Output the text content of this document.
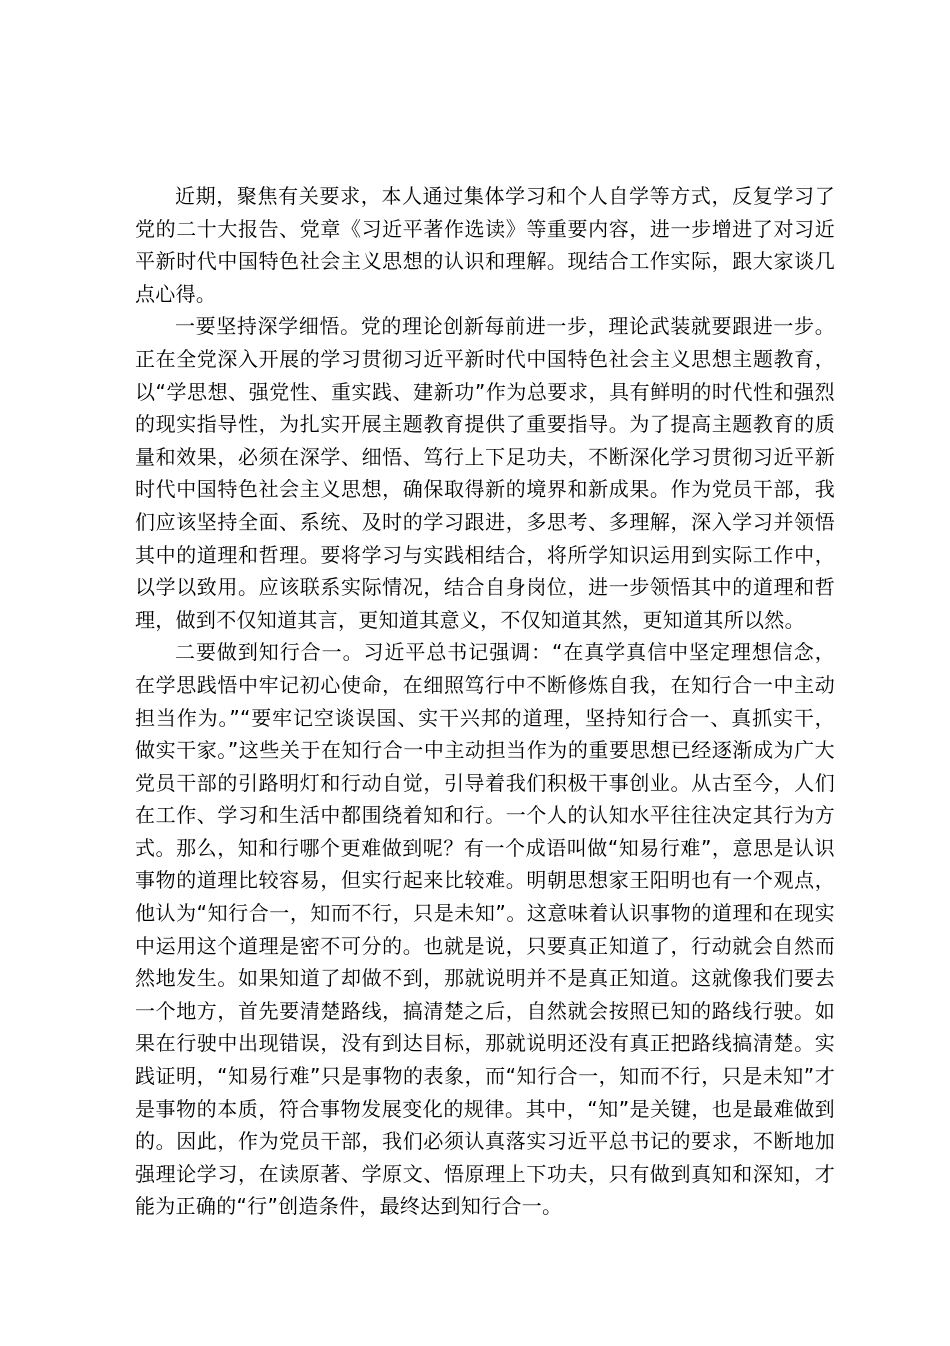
近期，聚焦有关要求，本人通过集体学习和个人自学等方式，反复学习了党的二十大报告、党章《习近平著作选读》等重要内容，进一步增进了对习近平新时代中国特色社会主义思想的认识和理解。现结合工作实际，跟大家谈几点心得。

一要坚持深学细悟。党的理论创新每前进一步，理论武装就要跟进一步。正在全党深入开展的学习贯彻习近平新时代中国特色社会主义思想主题教育，以“学思想、强党性、重实践、建新功”作为总要求，具有鲜明的时代性和强烈的现实指导性，为扎实开展主题教育提供了重要指导。为了提高主题教育的质量和效果，必须在深学、细悟、笃行上下足功夫，不断深化学习贯彻习近平新时代中国特色社会主义思想，确保取得新的境界和新成果。作为党员干部，我们应该坚持全面、系统、及时的学习跟进，多思考、多理解，深入学习并领悟其中的道理和哲理。要将学习与实践相结合，将所学知识运用到实际工作中，以学以致用。应该联系实际情况，结合自身岗位，进一步领悟其中的道理和哲理，做到不仅知道其言，更知道其意义，不仅知道其然，更知道其所以然。

二要做到知行合一。习近平总书记强调：“在真学真信中坚定理想信念，在学思践悟中牢记初心使命，在细照笃行中不断修炼自我，在知行合一中主动担当作为。”“要牢记空谈误国、实干兴邦的道理，坚持知行合一、真抓实干，做实干家。”这些关于在知行合一中主动担当作为的重要思想已经逐渐成为广大党员干部的引路明灯和行动自觉，引导着我们积极干事创业。从古至今，人们在工作、学习和生活中都围绕着知和行。一个人的认知水平往往决定其行为方式。那么，知和行哪个更难做到呢？有一个成语叫做“知易行难”，意思是认识事物的道理比较容易，但实行起来比较难。明朝思想家王阳明也有一个观点，他认为“知行合一，知而不行，只是未知”。这意味着认识事物的道理和在现实中运用这个道理是密不可分的。也就是说，只要真正知道了，行动就会自然而然地发生。如果知道了却做不到，那就说明并不是真正知道。这就像我们要去一个地方，首先要清楚路线，搞清楚之后，自然就会按照已知的路线行驶。如果在行驶中出现错误，没有到达目标，那就说明还没有真正把路线搞清楚。实践证明，“知易行难”只是事物的表象，而“知行合一，知而不行，只是未知”才是事物的本质，符合事物发展变化的规律。其中，“知”是关键，也是最难做到的。因此，作为党员干部，我们必须认真落实习近平总书记的要求，不断地加强理论学习，在读原著、学原文、悟原理上下功夫，只有做到真知和深知，才能为正确的“行”创造条件，最终达到知行合一。
